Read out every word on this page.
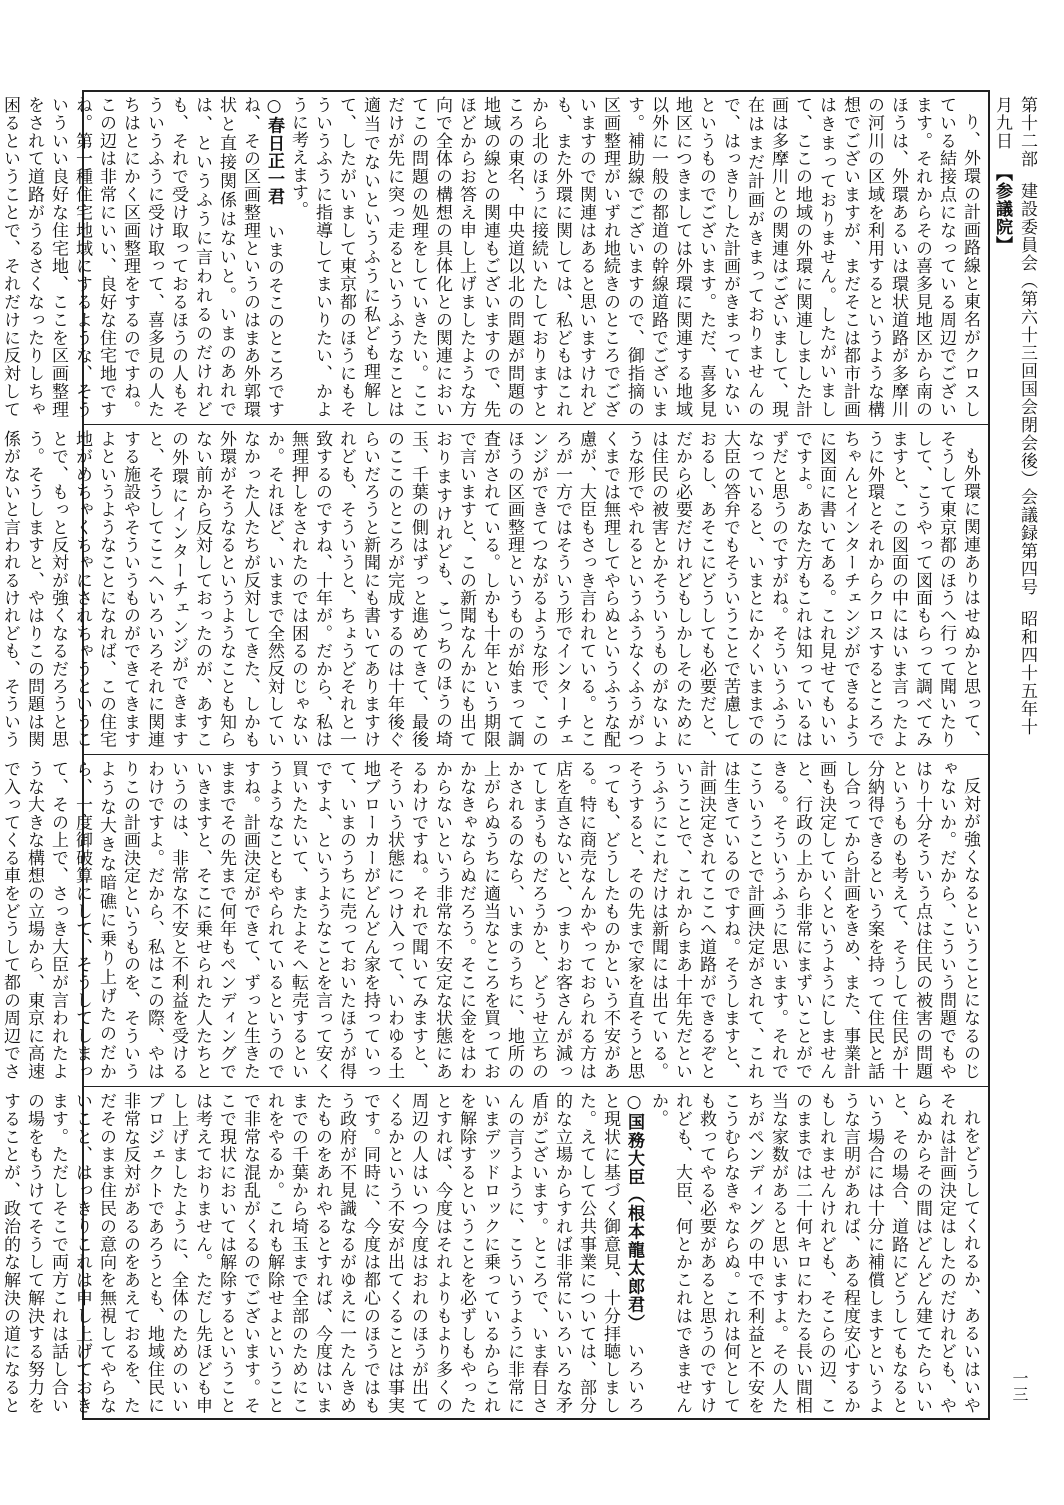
第十二部建設委員会（第六十三回国会閉会後）会議録第四号昭和四十五年十月九日【参議院】
一三

り、外環の計画路線と東名がクロスしている結接点になっている周辺でございます。それからその喜多見地区から南のほうは、外環あるいは環状道路が多摩川の河川の区域を利用するというような構想でございますが、まだそこは都市計画はきまっておりません。したがいまして、ここの地域の外環に関連しました計画は多摩川との関連はございまして、現在はまだ計画がきまっておりませんので、はっきりした計画がきまっていないというものでございます。ただ、喜多見地区につきましては外環に関連する地域以外に一般の都道の幹線道路でございます。補助線でございますので、御指摘の区画整理がいずれ地続きのところでございますので関連はあると思いますけれども、また外環に関しては、私どもはこれから北のほうに接続いたしておりますところの東名、中央道以北の問題が問題の地域の線との関連もございますので、先ほどからお答え申し上げましたような方向で全体の構想の具体化との関連においてこの問題の処理をしていきたい。ここだけが先に突っ走るというふうなことは適当でないというふうに私ども理解して、したがいまして東京都のほうにもそういうふうに指導してまいりたい、かように考えます。

○春日正一君　いまのそこのところですね、その区画整理というのはまあ外郭環状と直接関係はないと。いまのあれでは、というふうに言われるのだけれども、それで受け取っておるほうの人もそういうふうに受け取って、喜多見の人たちはとにかく区画整理をするのですね。この辺は非常にいい、良好な住宅地ですね。第一種住宅地域にするような、そういういい良好な住宅地、ここを区画整理をされて道路がうるさくなったりしちゃ困るということで、それだけに反対して

も外環に関連ありはせぬかと思って、そうして東京都のほうへ行って聞いたりして、こうやって図面もらって調べてみますと、この図面の中にはいま言ったように外環とそれからクロスするところでちゃんとインターチェンジができるように図面に書いてある。これ見せてもいいですよ。あなた方もこれは知っているはずだと思うのですがね。そういうふうになっていると、いまとにかくいままでの大臣の答弁でもそういうことで苦慮しておるし、あそこにどうしても必要だと、だから必要だけれどもしかしそのためには住民の被害とかそういうものがないような形でやれるというふうなくふうがつくまでは無理してやらぬというふうな配慮が、大臣もさっき言われている。ところが一方ではそういう形でインターチェンジができてつながるような形で、このほうの区画整理というものが始まって調査がされている。しかも十年という期限で言いますと、この新聞なんかにも出ておりますけれども、こっちのほうの埼玉、千葉の側はずっと進めてきて、最後のここのところが完成するのは十年後ぐらいだろうと新聞にも書いてありますけれども、そういうと、ちょうどそれと一致するのですね、十年が。だから、私は無理押しをされたのでは困るのじゃないか。それほど、いままで全然反対していなかった人たちが反対してきた、しかも外環がそうなるというようなことも知らない前から反対しておったのが、あすこの外環にインターチェンジができますと、そうしてここへいろいろそれに関連する施設やそういうものができてきますよというようなことになれば、この住宅地がめちゃくちゃにされちゃうということで、もっと反対が強くなるだろうと思う。そうしますと、やはりこの問題は関係がないと言われるけれども、そういう

反対が強くなるということになるのじゃないか。だから、こういう問題でもやはり十分そういう点は住民の被害の問題というものも考えて、そうして住民が十分納得できるという案を持って住民と話し合ってから計画をきめ、また、事業計画も決定していくというようにしませんと、行政の上から非常にまずいことができる。そういうふうに思います。それでこういうことで計画決定がされて、これは生きているのですね。そうしますと、計画決定されてここへ道路ができるぞということで、これからまあ十年先だというふうにこれだけは新聞には出ている。そうすると、その先まで家を直そうと思っても、どうしたものかという不安がある。特に商売なんかやっておられる方は店を直さないと、つまりお客さんが減ってしまうものだろうかと、どうせ立ちのかされるのなら、いまのうちに、地所の上がらぬうちに適当なところを買っておかなきゃならぬだろう。そこに金をはわからないという非常な不安定な状態にあるわけですね。それで聞いてみますと、そういう状態につけ入って、いわゆる土地ブローカーがどんどん家を持っていって、いまのうちに売っておいたほうが得ですよ、というようなことを言って安く買いたたいて、またよそへ転売するというようなこともやられているというのですね。計画決定ができて、ずっと生きたままでその先まで何年もペンディングでいきますと、そこに乗せられた人たちというのは、非常な不安と不利益を受けるわけですよ。だから、私はこの際、やはりこの計画決定というものを、そういうような大きな暗礁に乗り上げたのだから、一度御破算にして、そうしてしまって、その上で、さっき大臣が言われたような大きな構想の立場から、東京に高速で入ってくる車をどうして都の周辺でさ

れをどうしてくれるか、あるいはいやそれは計画決定はしたのだけれども、やらぬからその間はどんどん建てたらいいと、その場合、道路にどうしてもなるという場合には十分に補償しますというような言明があれば、ある程度安心するかもしれませんけれども、そこらの辺、このままでは二十何キロにわたる長い間相当な家数があると思いますよ。その人たちがペンディングの中で不利益と不安をこうむらなきゃならぬ。これは何としても救ってやる必要があると思うのですけれども、大臣、何とかこれはできませんか。

○国務大臣（根本龍太郎君）　いろいろと現状に基づく御意見、十分拝聴しました。えてして公共事業については、部分的な立場からすれば非常にいろいろな矛盾がございます。ところで、いま春日さんの言うように、こういうように非常にいまデッドロックに乗っているからこれを解除するということを必ずしもやったとすれば、今度はそれよりもより多くの周辺の人はいつ今度はおれのほうが出てくるかという不安が出てくることは事実です。同時に、今度は都心のほうではもう政府が不見識なるがゆえに一たんきめたものをあれやるとすれば、今度はいままでの千葉から埼玉まで全部のためにこれをやるか。これも解除せよということで非常な混乱がくるのでございます。そこで現状においては解除するということは考えておりません。ただし先ほども申し上げましたように、全体のためのいいプロジェクトであろうとも、地域住民に非常な反対があるのをあえておるを、ただそのまま住民の意向を無視してやらないこと、はっきりこれは申し上げておきます。ただしそこで両方これは話し合いの場をもうけてそうして解決する努力をすることが、政治的な解決の道になると
